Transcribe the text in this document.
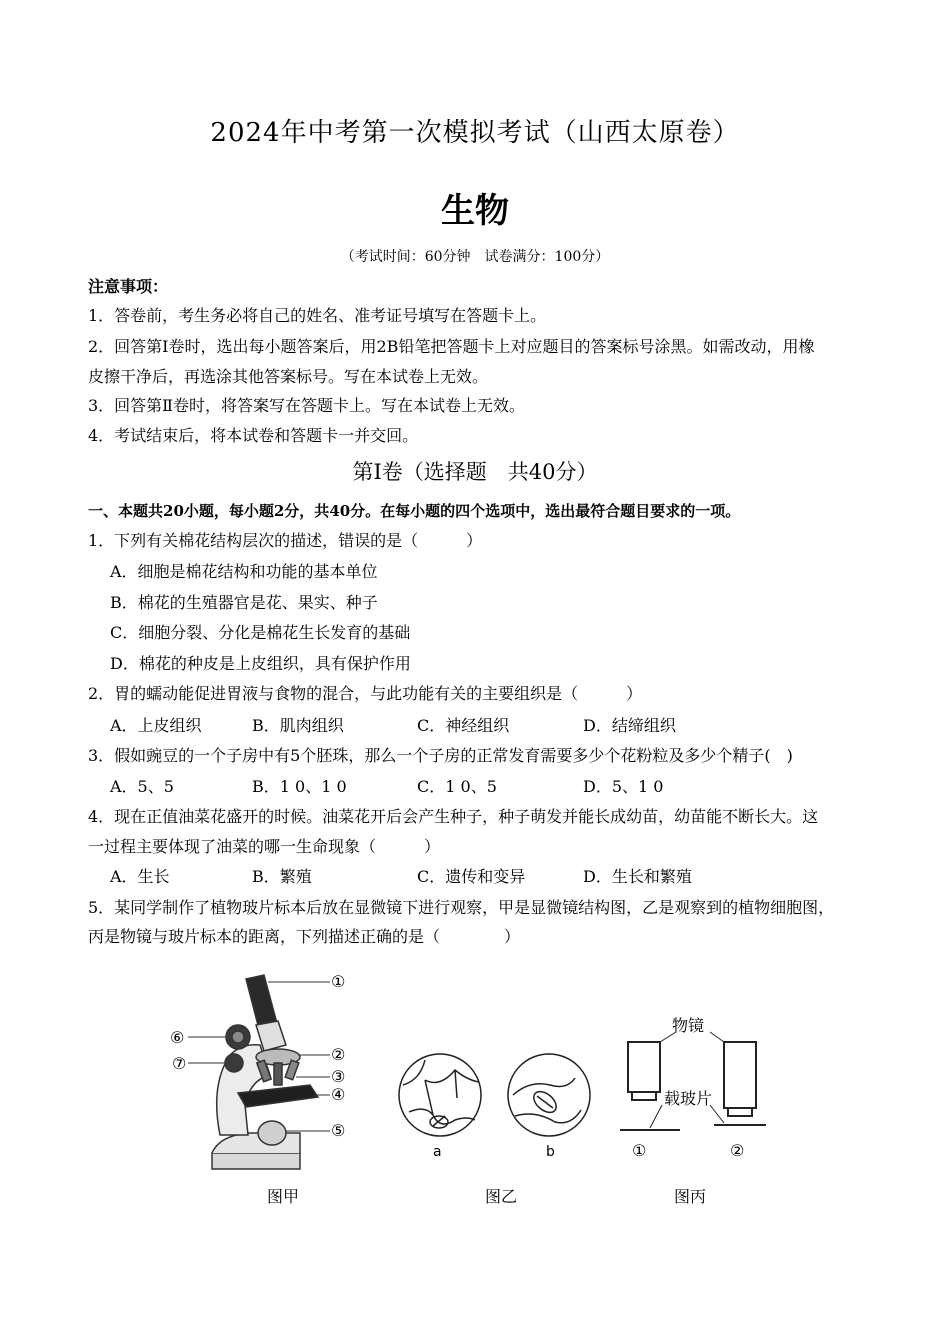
2024年中考第一次模拟考试（山西太原卷）
生物
（考试时间：60分钟　试卷满分：100分）
注意事项：
1．答卷前，考生务必将自己的姓名、准考证号填写在答题卡上。
2．回答第Ⅰ卷时，选出每小题答案后，用2B铅笔把答题卡上对应题目的答案标号涂黑。如需改动，用橡
皮擦干净后，再选涂其他答案标号。写在本试卷上无效。
3．回答第Ⅱ卷时，将答案写在答题卡上。写在本试卷上无效。
4．考试结束后，将本试卷和答题卡一并交回。
第Ⅰ卷（选择题　共40分）
一、本题共20小题，每小题2分，共40分。在每小题的四个选项中，选出最符合题目要求的一项。
1．下列有关棉花结构层次的描述，错误的是（　　　）
A．细胞是棉花结构和功能的基本单位
B．棉花的生殖器官是花、果实、种子
C．细胞分裂、分化是棉花生长发育的基础
D．棉花的种皮是上皮组织，具有保护作用
2．胃的蠕动能促进胃液与食物的混合，与此功能有关的主要组织是（　　　）
A．上皮组织	B．肌肉组织	C．神经组织	D．结缔组织
3．假如豌豆的一个子房中有5个胚珠，那么一个子房的正常发育需要多少个花粉粒及多少个精子(　)
A．5、5	B．1 0、1 0	C．1 0、5	D．5、1 0
4．现在正值油菜花盛开的时候。油菜花开后会产生种子，种子萌发并能长成幼苗，幼苗能不断长大。这
一过程主要体现了油菜的哪一生命现象（　　　）
A．生长	B．繁殖	C．遗传和变异	D．生长和繁殖
5．某同学制作了植物玻片标本后放在显微镜下进行观察，甲是显微镜结构图，乙是观察到的植物细胞图，
丙是物镜与玻片标本的距离，下列描述正确的是（　　　　）
①
②
③
④
⑤
⑥
⑦
图甲
a	b
图乙
物镜
载玻片
①	②
图丙
